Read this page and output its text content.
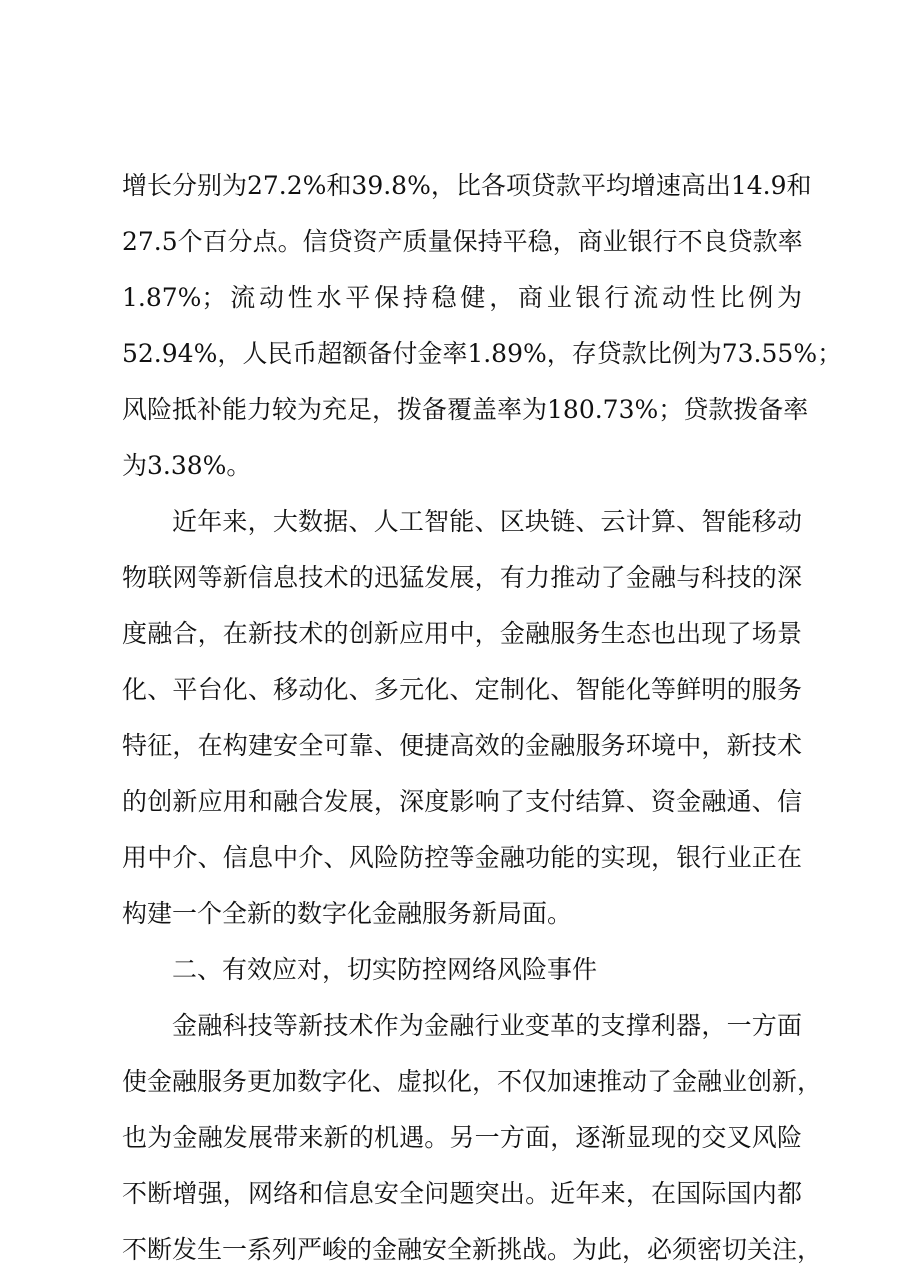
增长分别为27.2%和39.8%，比各项贷款平均增速高出14.9和
27.5个百分点。信贷资产质量保持平稳，商业银行不良贷款率
1.87%；流动性水平保持稳健，商业银行流动性比例为
52.94%，人民币超额备付金率1.89%，存贷款比例为73.55%；
风险抵补能力较为充足，拨备覆盖率为180.73%；贷款拨备率
为3.38%。
近年来，大数据、人工智能、区块链、云计算、智能移动
物联网等新信息技术的迅猛发展，有力推动了金融与科技的深
度融合，在新技术的创新应用中，金融服务生态也出现了场景
化、平台化、移动化、多元化、定制化、智能化等鲜明的服务
特征，在构建安全可靠、便捷高效的金融服务环境中，新技术
的创新应用和融合发展，深度影响了支付结算、资金融通、信
用中介、信息中介、风险防控等金融功能的实现，银行业正在
构建一个全新的数字化金融服务新局面。
二、有效应对，切实防控网络风险事件
金融科技等新技术作为金融行业变革的支撑利器，一方面
使金融服务更加数字化、虚拟化，不仅加速推动了金融业创新，
也为金融发展带来新的机遇。另一方面，逐渐显现的交叉风险
不断增强，网络和信息安全问题突出。近年来，在国际国内都
不断发生一系列严峻的金融安全新挑战。为此，必须密切关注，
